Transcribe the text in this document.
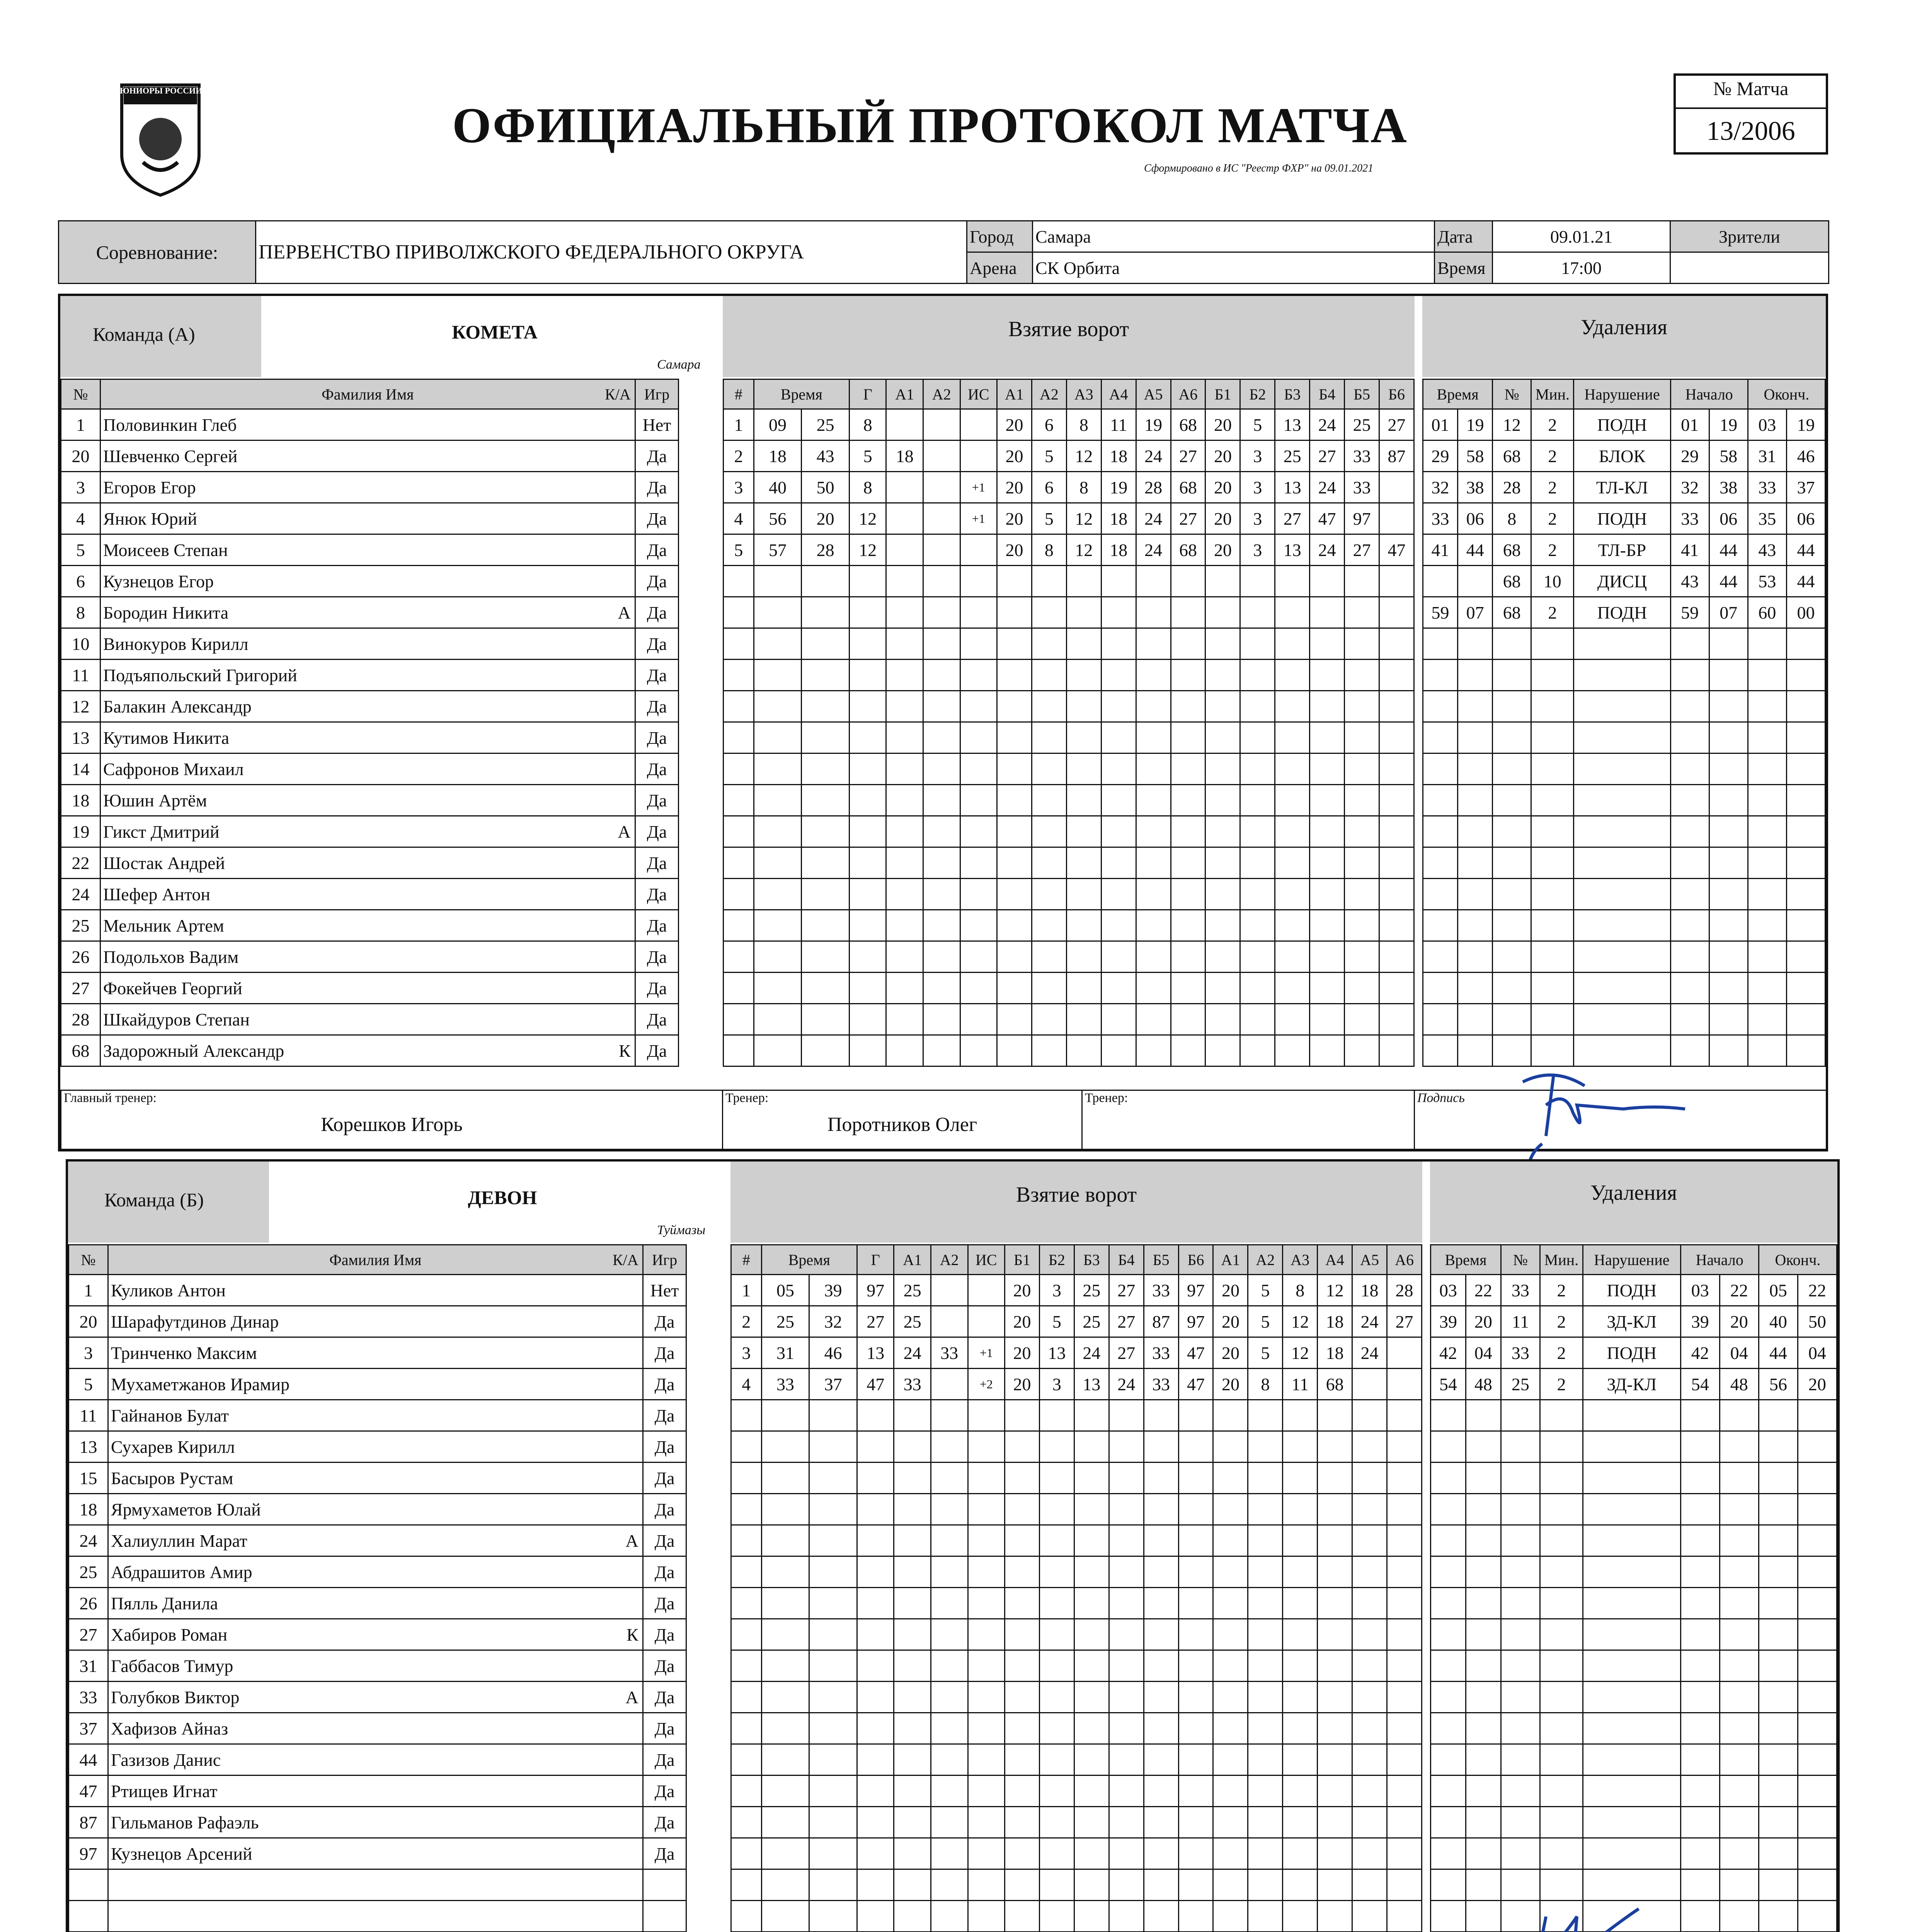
ЮНИОРЫ РОССИИ
ОФИЦИАЛЬНЫЙ ПРОТОКОЛ МАТЧА
Сформировано в ИС "Реестр ФХР" на 09.01.2021
№ Матча
13/2006
Соревнование:	ПЕРВЕНСТВО ПРИВОЛЖСКОГО ФЕДЕРАЛЬНОГО ОКРУГА	Город	Самара	Дата	09.01.21	Зрители
		Арена	СК Орбита	Время	17:00	
Команда (А)	КОМЕТА
Самара
Взятие ворот	Удаления
№	Фамилия Имя К/А		Игр
1	Половинкин Глеб		Нет
20	Шевченко Сергей		Да
3	Егоров Егор		Да
4	Янюк Юрий		Да
5	Моисеев Степан		Да
6	Кузнецов Егор		Да
8	Бородин Никита А		Да
10	Винокуров Кирилл		Да
11	Подъяпольский Григорий		Да
12	Балакин Александр		Да
13	Кутимов Никита		Да
14	Сафронов Михаил		Да
18	Юшин Артём		Да
19	Гикст Дмитрий А		Да
22	Шостак Андрей		Да
24	Шефер Антон		Да
25	Мельник Артем		Да
26	Подольхов Вадим		Да
27	Фокейчев Георгий		Да
28	Шкайдуров Степан		Да
68	Задорожный Александр К		Да
#	Время		Г	А1	А2	ИС	А1	А2	А3	А4	А5	А6	Б1	Б2	Б3	Б4	Б5	Б6
1	09	25	8				20	6	8	11	19	68	20	5	13	24	25	27
2	18	43	5	18			20	5	12	18	24	27	20	3	25	27	33	87
3	40	50	8			+1	20	6	8	19	28	68	20	3	13	24	33	
4	56	20	12			+1	20	5	12	18	24	27	20	3	27	47	97	
5	57	28	12				20	8	12	18	24	68	20	3	13	24	27	47

Время		№	Мин.	Нарушение	Начало		Оконч.	
01	19	12	2	ПОДН	01	19	03	19
29	58	68	2	БЛОК	29	58	31	46
32	38	28	2	ТЛ-КЛ	32	38	33	37
33	06	8	2	ПОДН	33	06	35	06
41	44	68	2	ТЛ-БР	41	44	43	44
		68	10	ДИСЦ	43	44	53	44
59	07	68	2	ПОДН	59	07	60	00

Главный тренер:
Корешков Игорь

Тренер:
Поротников Олег

Тренер:	Подпись
Команда (Б)	ДЕВОН
Туймазы
Взятие ворот	Удаления
№	Фамилия Имя К/А		Игр
1	Куликов Антон		Нет
20	Шарафутдинов Динар		Да
3	Тринченко Максим		Да
5	Мухаметжанов Ирамир		Да
11	Гайнанов Булат		Да
13	Сухарев Кирилл		Да
15	Басыров Рустам		Да
18	Ярмухаметов Юлай		Да
24	Халиуллин Марат А		Да
25	Абдрашитов Амир		Да
26	Пялль Данила		Да
27	Хабиров Роман К		Да
31	Габбасов Тимур		Да
33	Голубков Виктор А		Да
37	Хафизов Айназ		Да
44	Газизов Данис		Да
47	Ртищев Игнат		Да
87	Гильманов Рафаэль		Да
97	Кузнецов Арсений		Да

#	Время		Г	А1	А2	ИС	Б1	Б2	Б3	Б4	Б5	Б6	А1	А2	А3	А4	А5	А6
1	05	39	97	25			20	3	25	27	33	97	20	5	8	12	18	28
2	25	32	27	25			20	5	25	27	87	97	20	5	12	18	24	27
3	31	46	13	24	33	+1	20	13	24	27	33	47	20	5	12	18	24	
4	33	37	47	33		+2	20	3	13	24	33	47	20	8	11	68		

Время		№	Мин.	Нарушение	Начало		Оконч.	
03	22	33	2	ПОДН	03	22	05	22
39	20	11	2	ЗД-КЛ	39	20	40	50
42	04	33	2	ПОДН	42	04	44	04
54	48	25	2	ЗД-КЛ	54	48	56	20
